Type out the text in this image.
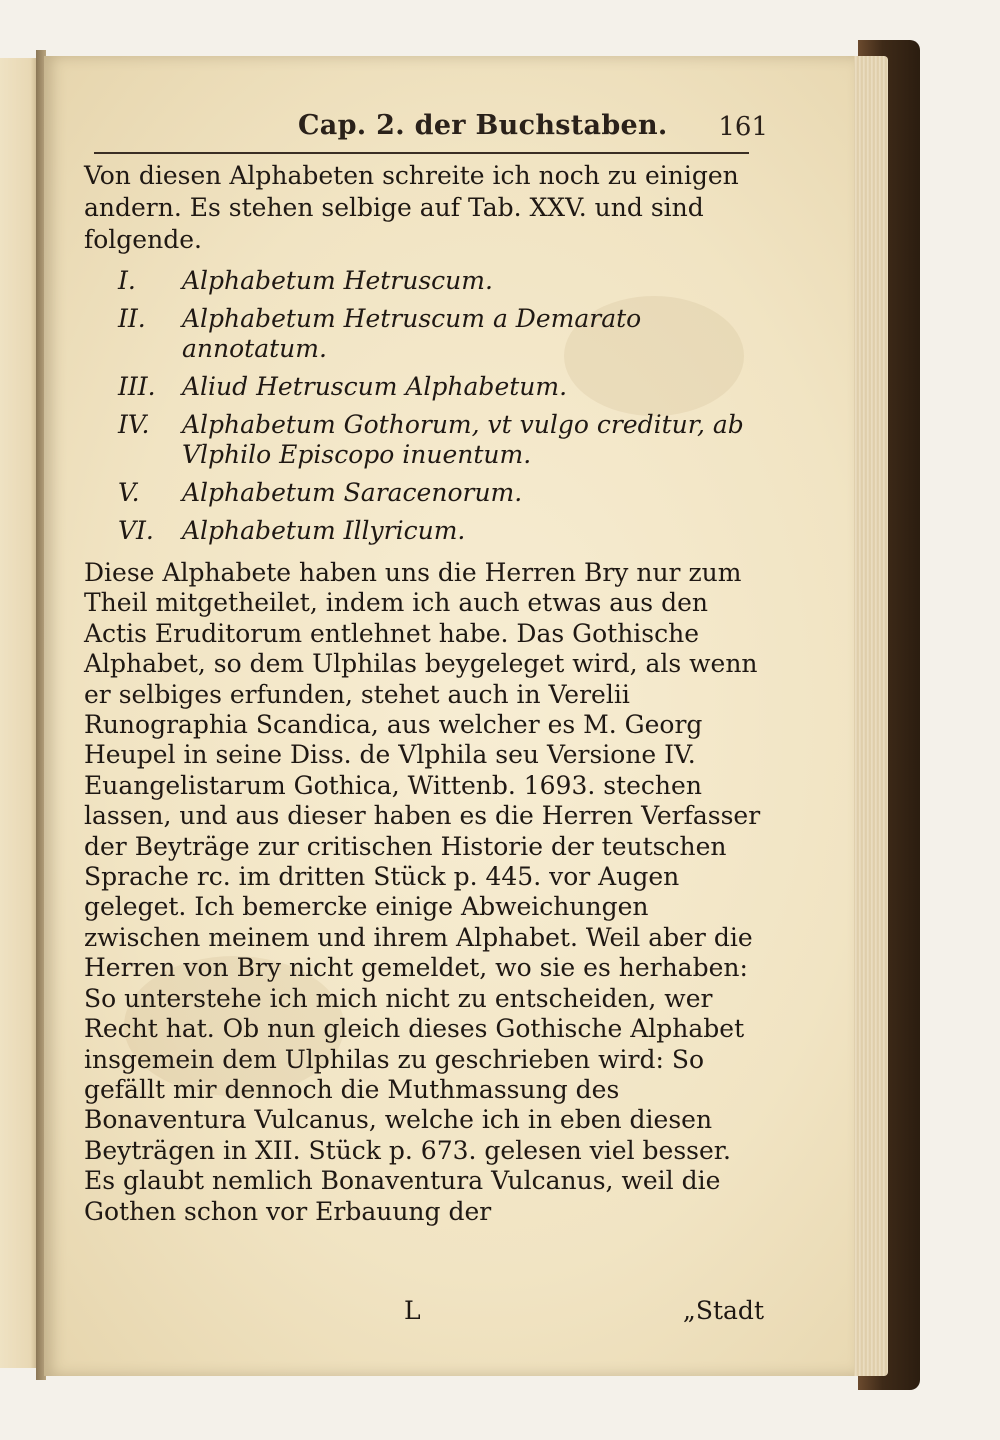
Cap. 2. der Buchstaben. 161

Von diesen Alphabeten schreite ich noch zu einigen andern. Es stehen selbige auf Tab. XXV. und sind folgende.

I.	Alphabetum Hetruscum.
II.	Alphabetum Hetruscum a Demarato annotatum.
III.	Aliud Hetruscum Alphabetum.
IV.	Alphabetum Gothorum, vt vulgo creditur, ab Vlphilo Episcopo inuentum.
V.	Alphabetum Saracenorum.
VI.	Alphabetum Illyricum.

Diese Alphabete haben uns die Herren Bry nur zum Theil mitgetheilet, indem ich auch etwas aus den Actis Eruditorum entlehnet habe. Das Gothische Alphabet, so dem Ulphilas beygeleget wird, als wenn er selbiges erfunden, stehet auch in Verelii Runographia Scandica, aus welcher es M. Georg Heupel in seine Diss. de Vlphila seu Versione IV. Euangelistarum Gothica, Wittenb. 1693. stechen lassen, und aus dieser haben es die Herren Verfasser der Beyträge zur critischen Historie der teutschen Sprache rc. im dritten Stück p. 445. vor Augen geleget. Ich bemercke einige Abweichungen zwischen meinem und ihrem Alphabet. Weil aber die Herren von Bry nicht gemeldet, wo sie es herhaben: So unterstehe ich mich nicht zu entscheiden, wer Recht hat. Ob nun gleich dieses Gothische Alphabet insgemein dem Ulphilas zu geschrieben wird: So gefällt mir dennoch die Muthmassung des Bonaventura Vulcanus, welche ich in eben diesen Beyträgen in XII. Stück p. 673. gelesen viel besser. Es glaubt nemlich Bonaventura Vulcanus, weil die Gothen schon vor Erbauung der

L	„Stadt
